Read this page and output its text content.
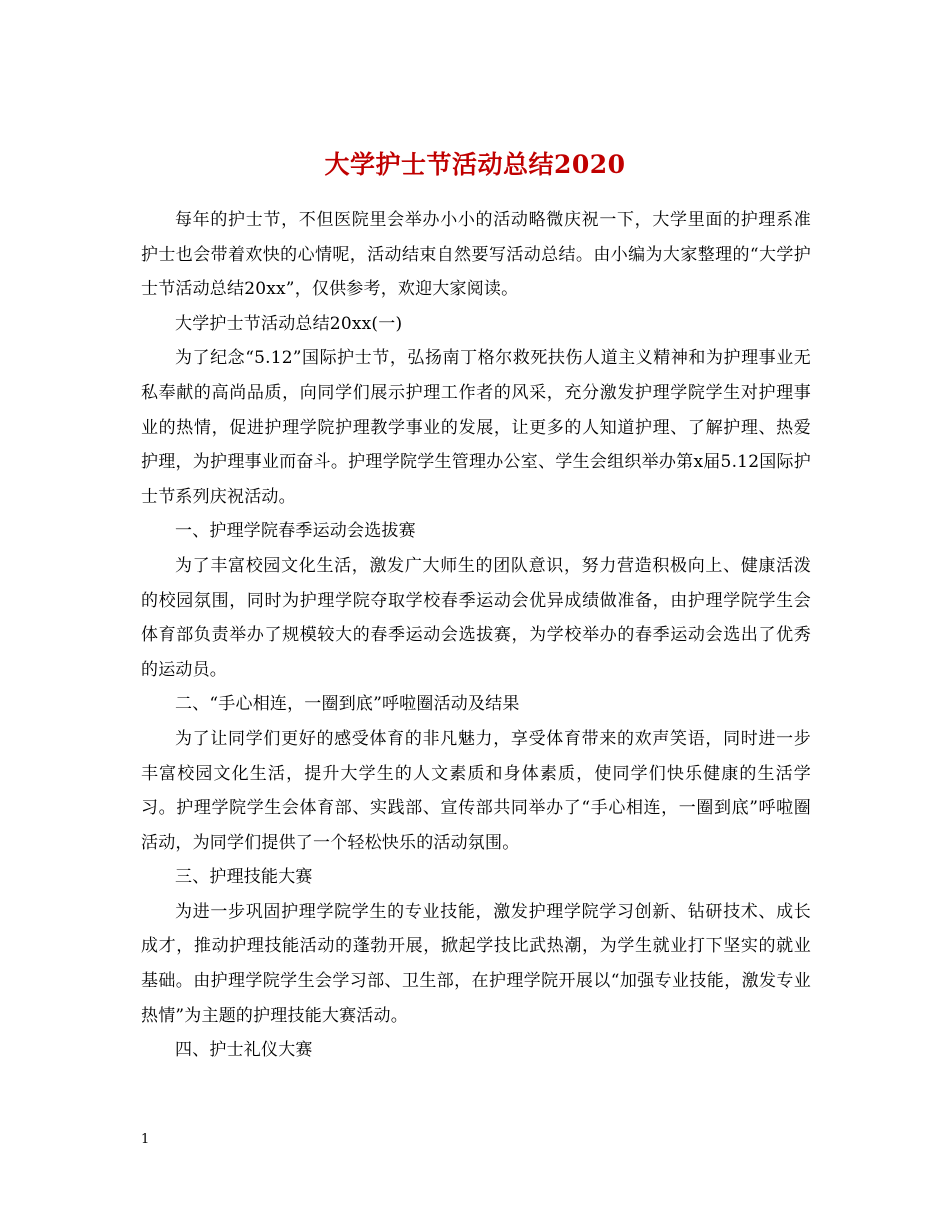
大学护士节活动总结2020

每年的护士节，不但医院里会举办小小的活动略微庆祝一下，大学里面的护理系准护士也会带着欢快的心情呢，活动结束自然要写活动总结。由小编为大家整理的“大学护士节活动总结20xx”，仅供参考，欢迎大家阅读。

大学护士节活动总结20xx(一)

为了纪念“5.12”国际护士节，弘扬南丁格尔救死扶伤人道主义精神和为护理事业无私奉献的高尚品质，向同学们展示护理工作者的风采，充分激发护理学院学生对护理事业的热情，促进护理学院护理教学事业的发展，让更多的人知道护理、了解护理、热爱护理，为护理事业而奋斗。护理学院学生管理办公室、学生会组织举办第x届5.12国际护士节系列庆祝活动。

一、护理学院春季运动会选拔赛

为了丰富校园文化生活，激发广大师生的团队意识，努力营造积极向上、健康活泼的校园氛围，同时为护理学院夺取学校春季运动会优异成绩做准备，由护理学院学生会体育部负责举办了规模较大的春季运动会选拔赛，为学校举办的春季运动会选出了优秀的运动员。

二、“手心相连，一圈到底”呼啦圈活动及结果

为了让同学们更好的感受体育的非凡魅力，享受体育带来的欢声笑语，同时进一步丰富校园文化生活，提升大学生的人文素质和身体素质，使同学们快乐健康的生活学习。护理学院学生会体育部、实践部、宣传部共同举办了“手心相连，一圈到底”呼啦圈活动，为同学们提供了一个轻松快乐的活动氛围。

三、护理技能大赛

为进一步巩固护理学院学生的专业技能，激发护理学院学习创新、钻研技术、成长成才，推动护理技能活动的蓬勃开展，掀起学技比武热潮，为学生就业打下坚实的就业基础。由护理学院学生会学习部、卫生部，在护理学院开展以“加强专业技能，激发专业热情”为主题的护理技能大赛活动。

四、护士礼仪大赛

1
